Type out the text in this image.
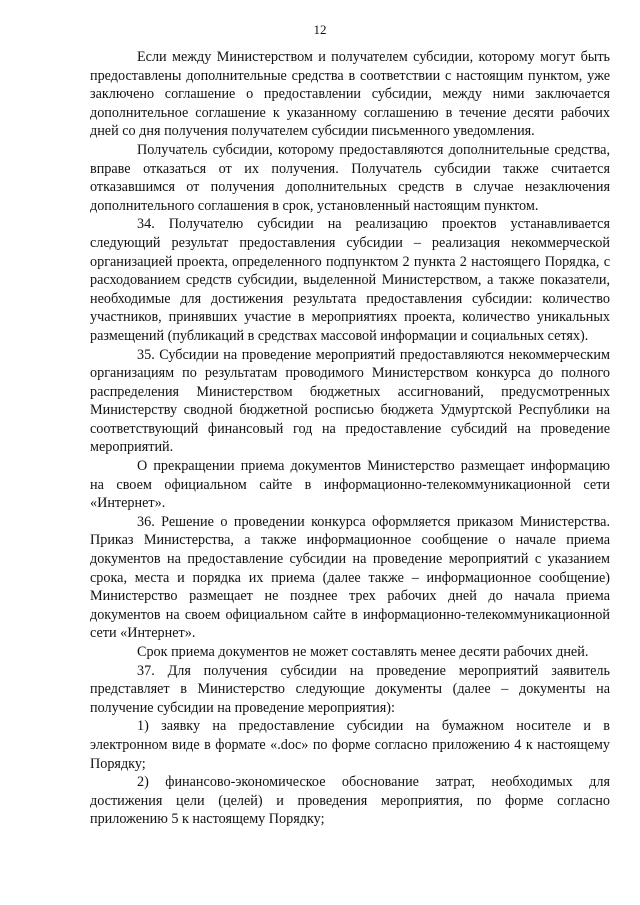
12

Если между Министерством и получателем субсидии, которому могут быть предоставлены дополнительные средства в соответствии с настоящим пунктом, уже заключено соглашение о предоставлении субсидии, между ними заключается дополнительное соглашение к указанному соглашению в течение десяти рабочих дней со дня получения получателем субсидии письменного уведомления.

Получатель субсидии, которому предоставляются дополнительные средства, вправе отказаться от их получения. Получатель субсидии также считается отказавшимся от получения дополнительных средств в случае незаключения дополнительного соглашения в срок, установленный настоящим пунктом.

34. Получателю субсидии на реализацию проектов устанавливается следующий результат предоставления субсидии – реализация некоммерческой организацией проекта, определенного подпунктом 2 пункта 2 настоящего Порядка, с расходованием средств субсидии, выделенной Министерством, а также показатели, необходимые для достижения результата предоставления субсидии: количество участников, принявших участие в мероприятиях проекта, количество уникальных размещений (публикаций в средствах массовой информации и социальных сетях).

35. Субсидии на проведение мероприятий предоставляются некоммерческим организациям по результатам проводимого Министерством конкурса до полного распределения Министерством бюджетных ассигнований, предусмотренных Министерству сводной бюджетной росписью бюджета Удмуртской Республики на соответствующий финансовый год на предоставление субсидий на проведение мероприятий.

О прекращении приема документов Министерство размещает информацию на своем официальном сайте в информационно-телекоммуникационной сети «Интернет».

36. Решение о проведении конкурса оформляется приказом Министерства. Приказ Министерства, а также информационное сообщение о начале приема документов на предоставление субсидии на проведение мероприятий с указанием срока, места и порядка их приема (далее также – информационное сообщение) Министерство размещает не позднее трех рабочих дней до начала приема документов на своем официальном сайте в информационно-телекоммуникационной сети «Интернет».

Срок приема документов не может составлять менее десяти рабочих дней.

37. Для получения субсидии на проведение мероприятий заявитель представляет в Министерство следующие документы (далее – документы на получение субсидии на проведение мероприятия):

1) заявку на предоставление субсидии на бумажном носителе и в электронном виде в формате «.doc» по форме согласно приложению 4 к настоящему Порядку;

2) финансово-экономическое обоснование затрат, необходимых для достижения цели (целей) и проведения мероприятия, по форме согласно приложению 5 к настоящему Порядку;
